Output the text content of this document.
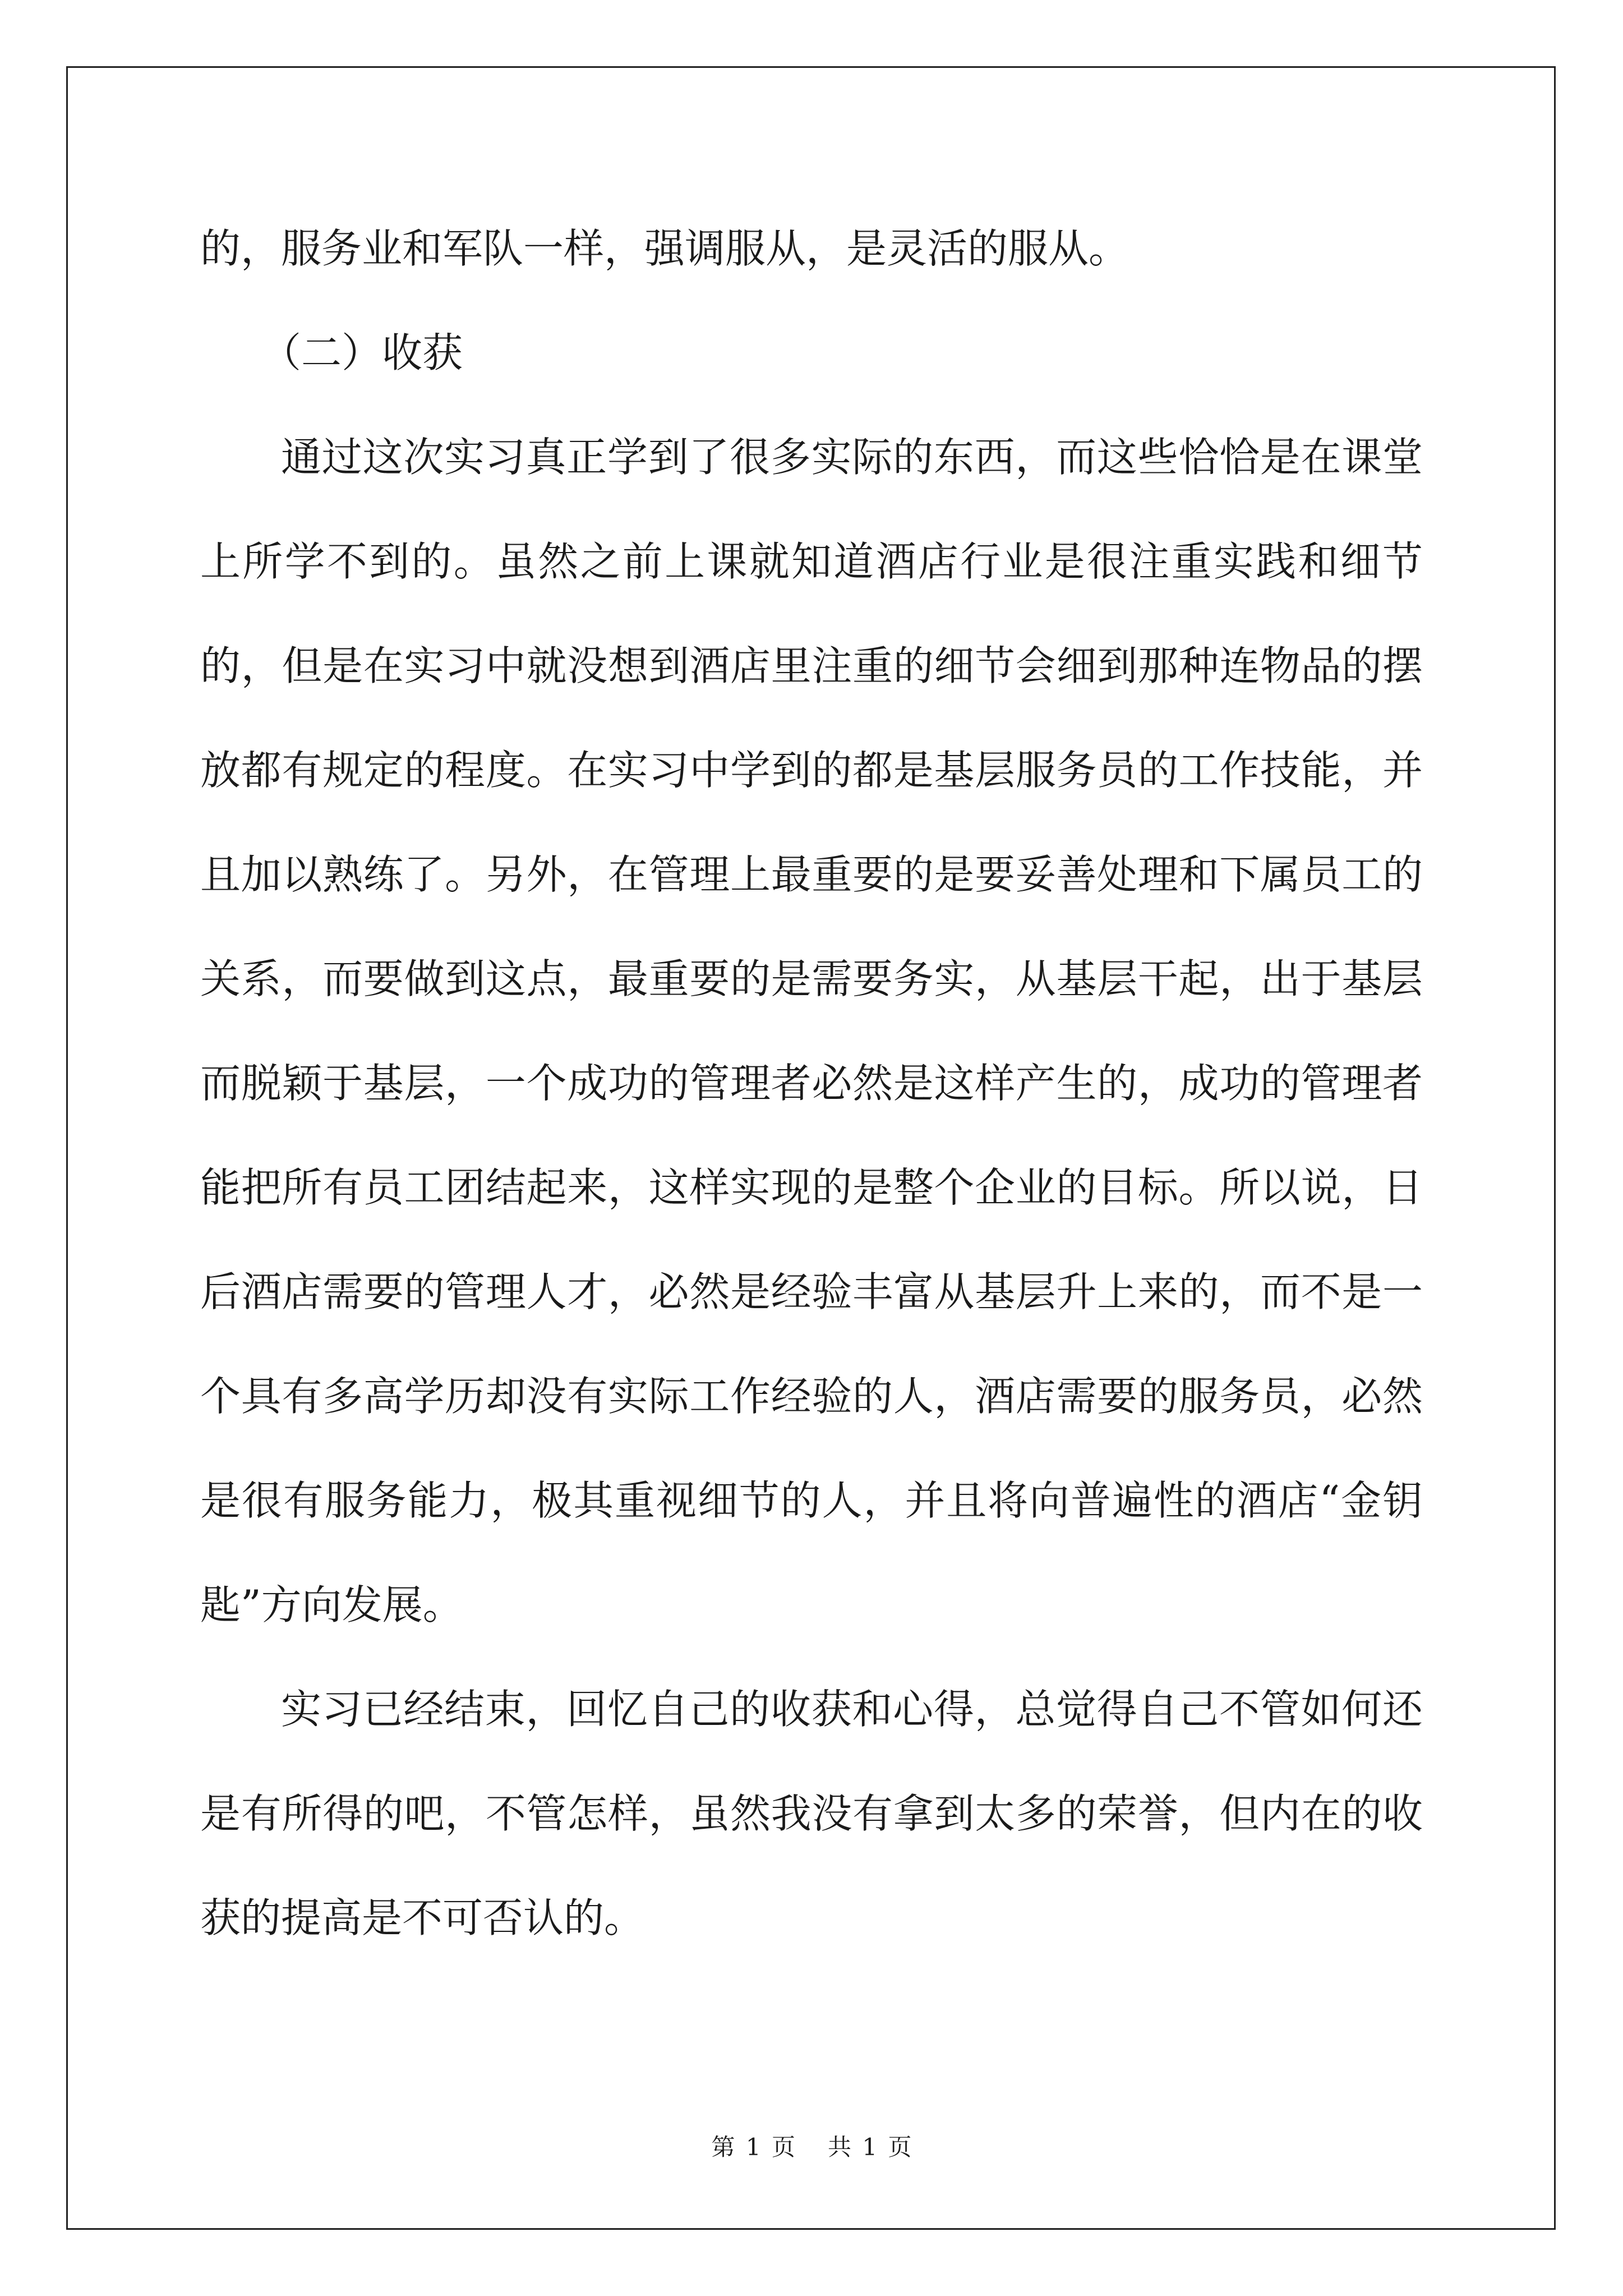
的，服务业和军队一样，强调服从，是灵活的服从。

（二）收获

通过这次实习真正学到了很多实际的东西，而这些恰恰是在课堂上所学不到的。虽然之前上课就知道酒店行业是很注重实践和细节的，但是在实习中就没想到酒店里注重的细节会细到那种连物品的摆放都有规定的程度。在实习中学到的都是基层服务员的工作技能，并且加以熟练了。另外，在管理上最重要的是要妥善处理和下属员工的关系，而要做到这点，最重要的是需要务实，从基层干起，出于基层而脱颖于基层，一个成功的管理者必然是这样产生的，成功的管理者能把所有员工团结起来，这样实现的是整个企业的目标。所以说，日后酒店需要的管理人才，必然是经验丰富从基层升上来的，而不是一个具有多高学历却没有实际工作经验的人，酒店需要的服务员，必然是很有服务能力，极其重视细节的人，并且将向普遍性的酒店“金钥匙”方向发展。

实习已经结束，回忆自己的收获和心得，总觉得自己不管如何还是有所得的吧，不管怎样，虽然我没有拿到太多的荣誉，但内在的收获的提高是不可否认的。

第 1 页 共 1 页
